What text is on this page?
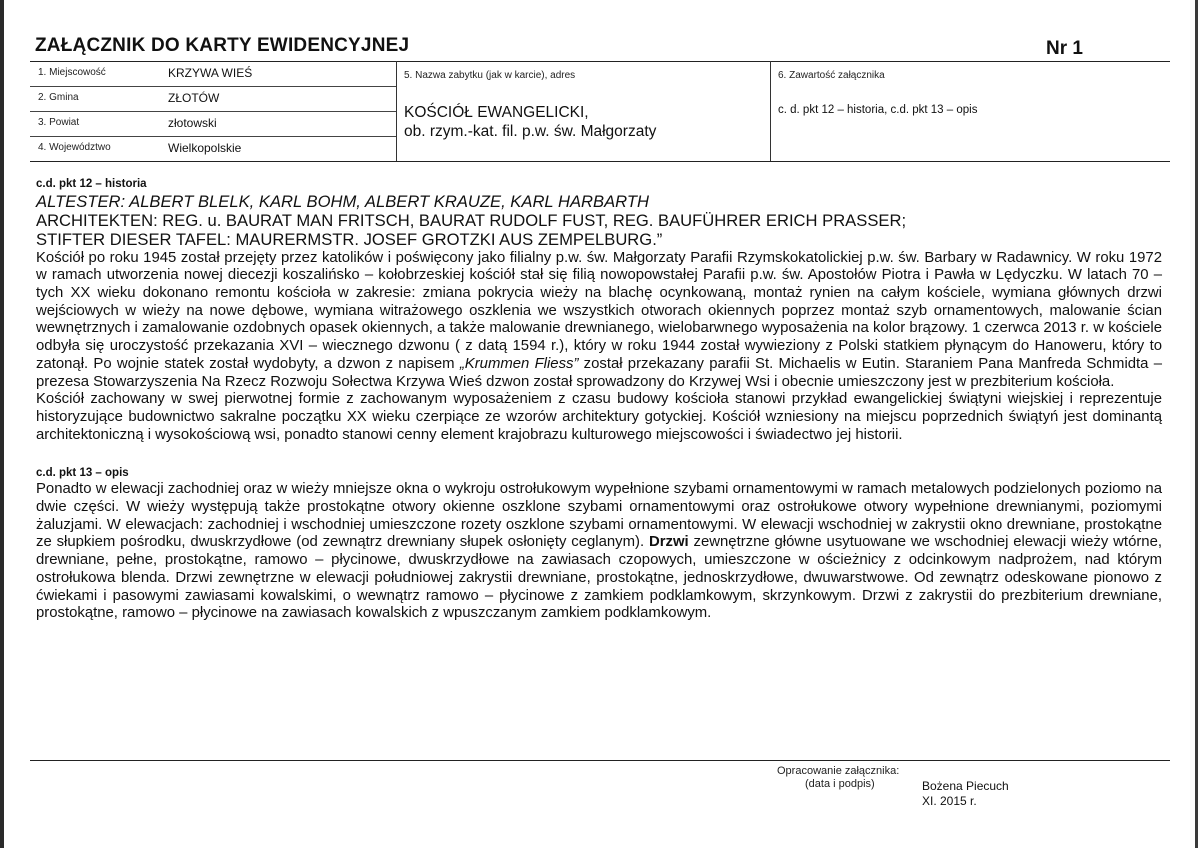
ZAŁĄCZNIK DO KARTY EWIDENCYJNEJ	Nr 1
1. Miejscowość	KRZYWA WIEŚ
2. Gmina	ZŁOTÓW
3. Powiat	złotowski
4. Województwo	Wielkopolskie
5. Nazwa zabytku (jak w karcie), adres
KOŚCIÓŁ EWANGELICKI,
ob. rzym.-kat. fil. p.w. św. Małgorzaty
6. Zawartość załącznika
c. d. pkt 12 – historia, c.d. pkt 13 – opis

c.d. pkt 12 – historia

ALTESTER: ALBERT BLELK, KARL BOHM, ALBERT KRAUZE, KARL HARBARTH

ARCHITEKTEN: REG. u. BAURAT MAN FRITSCH, BAURAT RUDOLF FUST, REG. BAUFÜHRER ERICH PRASSER;

STIFTER DIESER TAFEL: MAURERMSTR. JOSEF GROTZKI AUS ZEMPELBURG.”

Kościół po roku 1945 został przejęty przez katolików i poświęcony jako filialny p.w. św. Małgorzaty Parafii Rzymskokatolickiej p.w. św. Barbary w Radawnicy. W roku 1972 w ramach utworzenia nowej diecezji koszalińsko – kołobrzeskiej kościół stał się filią nowopowstałej Parafii p.w. św. Apostołów Piotra i Pawła w Lędyczku. W latach 70 – tych XX wieku dokonano remontu kościoła w zakresie: zmiana pokrycia wieży na blachę ocynkowaną, montaż rynien na całym kościele, wymiana głównych drzwi wejściowych w wieży na nowe dębowe, wymiana witrażowego oszklenia we wszystkich otworach okiennych poprzez montaż szyb ornamentowych, malowanie ścian wewnętrznych i zamalowanie ozdobnych opasek okiennych, a także malowanie drewnianego, wielobarwnego wyposażenia na kolor brązowy. 1 czerwca 2013 r. w kościele odbyła się uroczystość przekazania XVI – wiecznego dzwonu ( z datą 1594 r.), który w roku 1944 został wywieziony z Polski statkiem płynącym do Hanoweru, który to zatonął. Po wojnie statek został wydobyty, a dzwon z napisem „Krummen Fliess” został przekazany parafii St. Michaelis w Eutin. Staraniem Pana Manfreda Schmidta – prezesa Stowarzyszenia Na Rzecz Rozwoju Sołectwa Krzywa Wieś dzwon został sprowadzony do Krzywej Wsi i obecnie umieszczony jest w prezbiterium kościoła.

Kościół zachowany w swej pierwotnej formie z zachowanym wyposażeniem z czasu budowy kościoła stanowi przykład ewangelickiej świątyni wiejskiej i reprezentuje historyzujące budownictwo sakralne początku XX wieku czerpiące ze wzorów architektury gotyckiej. Kościół wzniesiony na miejscu poprzednich świątyń jest dominantą architektoniczną i wysokościową wsi, ponadto stanowi cenny element krajobrazu kulturowego miejscowości i świadectwo jej historii.

c.d. pkt 13 – opis

Ponadto w elewacji zachodniej oraz w wieży mniejsze okna o wykroju ostrołukowym wypełnione szybami ornamentowymi w ramach metalowych podzielonych poziomo na dwie części. W wieży występują także prostokątne otwory okienne oszklone szybami ornamentowymi oraz ostrołukowe otwory wypełnione drewnianymi, poziomymi żaluzjami. W elewacjach: zachodniej i wschodniej umieszczone rozety oszklone szybami ornamentowymi. W elewacji wschodniej w zakrystii okno drewniane, prostokątne ze słupkiem pośrodku, dwuskrzydłowe (od zewnątrz drewniany słupek osłonięty ceglanym). Drzwi zewnętrzne główne usytuowane we wschodniej elewacji wieży wtórne, drewniane, pełne, prostokątne, ramowo – płycinowe, dwuskrzydłowe na zawiasach czopowych, umieszczone w ościeżnicy z odcinkowym nadprożem, nad którym ostrołukowa blenda. Drzwi zewnętrzne w elewacji południowej zakrystii drewniane, prostokątne, jednoskrzydłowe, dwuwarstwowe. Od zewnątrz odeskowane pionowo z ćwiekami i pasowymi zawiasami kowalskimi, o wewnątrz ramowo – płycinowe z zamkiem podklamkowym, skrzynkowym. Drzwi z zakrystii do prezbiterium drewniane, prostokątne, ramowo – płycinowe na zawiasach kowalskich z wpuszczanym zamkiem podklamkowym.

Opracowanie załącznika:
(data i podpis)	Bożena Piecuch
XI. 2015 r.
